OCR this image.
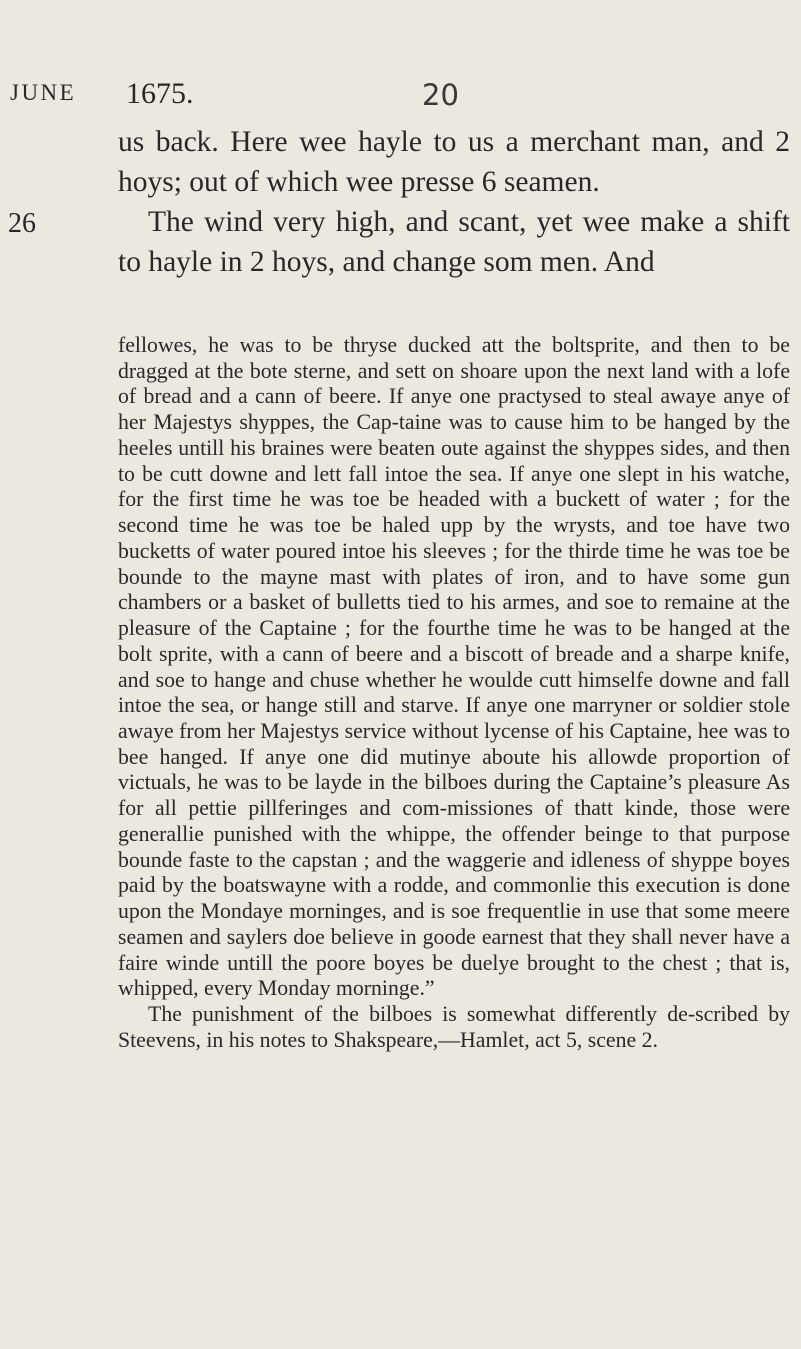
JUNE 1675.	20
26

us back. Here wee hayle to us a merchant man, and 2 hoys; out of which wee presse 6 seamen.

The wind very high, and scant, yet wee make a shift to hayle in 2 hoys, and change som men. And

fellowes, he was to be thryse ducked att the boltsprite, and then to be dragged at the bote sterne, and sett on shoare upon the next land with a lofe of bread and a cann of beere. If anye one practysed to steal awaye anye of her Majestys shyppes, the Cap-taine was to cause him to be hanged by the heeles untill his braines were beaten oute against the shyppes sides, and then to be cutt downe and lett fall intoe the sea. If anye one slept in his watche, for the first time he was toe be headed with a buckett of water ; for the second time he was toe be haled upp by the wrysts, and toe have two bucketts of water poured intoe his sleeves ; for the thirde time he was toe be bounde to the mayne mast with plates of iron, and to have some gun chambers or a basket of bulletts tied to his armes, and soe to remaine at the pleasure of the Captaine ; for the fourthe time he was to be hanged at the bolt sprite, with a cann of beere and a biscott of breade and a sharpe knife, and soe to hange and chuse whether he woulde cutt himselfe downe and fall intoe the sea, or hange still and starve. If anye one marryner or soldier stole awaye from her Majestys service without lycense of his Captaine, hee was to bee hanged. If anye one did mutinye aboute his allowde proportion of victuals, he was to be layde in the bilboes during the Captaine’s pleasure As for all pettie pillferinges and com-missiones of thatt kinde, those were generallie punished with the whippe, the offender beinge to that purpose bounde faste to the capstan ; and the waggerie and idleness of shyppe boyes paid by the boatswayne with a rodde, and commonlie this execution is done upon the Mondaye morninges, and is soe frequentlie in use that some meere seamen and saylers doe believe in goode earnest that they shall never have a faire winde untill the poore boyes be duelye brought to the chest ; that is, whipped, every Monday morninge.”

The punishment of the bilboes is somewhat differently de-scribed by Steevens, in his notes to Shakspeare,—Hamlet, act 5, scene 2.
